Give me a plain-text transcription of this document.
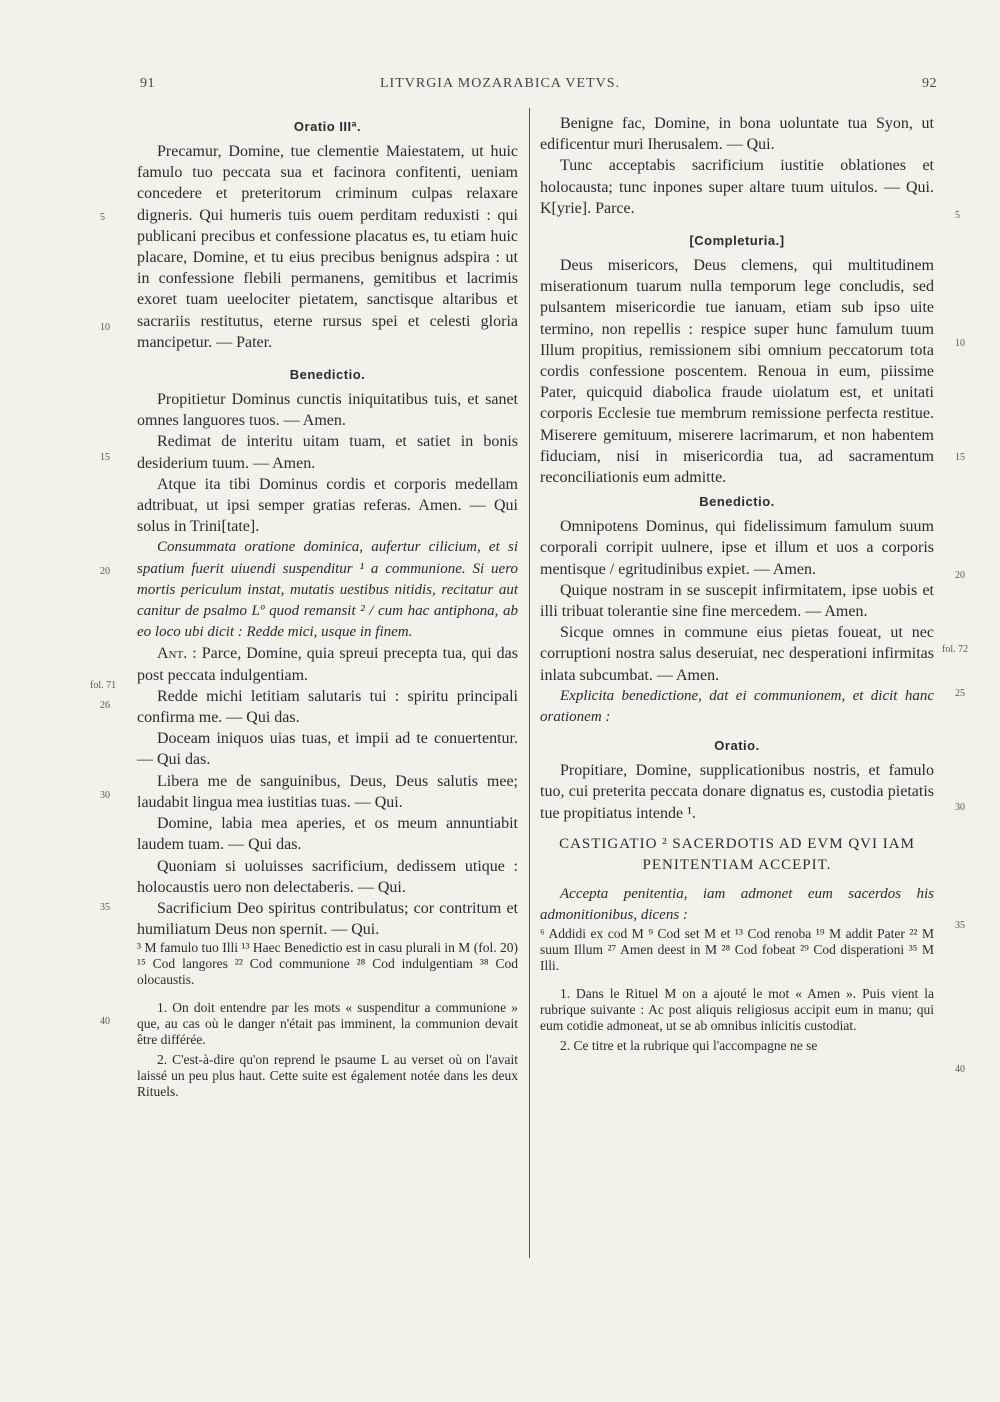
LITVRGIA MOZARABICA VETVS.
91	92
5
10
15
20
fol. 71
26
30
35
40
5
10
15
20
fol. 72
25
30
35
40
Oratio IIIª.

Precamur, Domine, tue clementie Maiestatem, ut huic famulo tuo peccata sua et facinora confitenti, ueniam concedere et preteritorum criminum culpas relaxare digneris. Qui humeris tuis ouem perditam reduxisti : qui publicani precibus et confessione placatus es, tu etiam huic placare, Domine, et tu eius precibus benignus adspira : ut in confessione flebili permanens, gemitibus et lacrimis exoret tuam ueelociter pietatem, sanctisque altaribus et sacrariis restitutus, eterne rursus spei et celesti gloria mancipetur. — Pater.

Benedictio.

Propitietur Dominus cunctis iniquitatibus tuis, et sanet omnes languores tuos. — Amen.

Redimat de interitu uitam tuam, et satiet in bonis desiderium tuum. — Amen.

Atque ita tibi Dominus cordis et corporis medellam adtribuat, ut ipsi semper gratias referas. Amen. — Qui solus in Trini[tate].

Consummata oratione dominica, aufertur cilicium, et si spatium fuerit uiuendi suspenditur ¹ a communione. Si uero mortis periculum instat, mutatis uestibus nitidis, recitatur aut canitur de psalmo Lº quod remansit ² / cum hac antiphona, ab eo loco ubi dicit : Redde mici, usque in finem.

Ant. : Parce, Domine, quia spreui precepta tua, qui das post peccata indulgentiam.

Redde michi letitiam salutaris tui : spiritu principali confirma me. — Qui das.

Doceam iniquos uias tuas, et impii ad te conuertentur. — Qui das.

Libera me de sanguinibus, Deus, Deus salutis mee; laudabit lingua mea iustitias tuas. — Qui.

Domine, labia mea aperies, et os meum annuntiabit laudem tuam. — Qui das.

Quoniam si uoluisses sacrificium, dedissem utique : holocaustis uero non delectaberis. — Qui.

Sacrificium Deo spiritus contribulatus; cor contritum et humiliatum Deus non spernit. — Qui.

³ M famulo tuo Illi ¹³ Haec Benedictio est in casu plurali in M (fol. 20) ¹⁵ Cod langores ²² Cod communione ²⁸ Cod indulgentiam ³⁸ Cod olocaustis.

1. On doit entendre par les mots « suspenditur a communione » que, au cas où le danger n'était pas imminent, la communion devait être différée.

2. C'est-à-dire qu'on reprend le psaume L au verset où on l'avait laissé un peu plus haut. Cette suite est également notée dans les deux Rituels.

Benigne fac, Domine, in bona uoluntate tua Syon, ut edificentur muri Iherusalem. — Qui.

Tunc acceptabis sacrificium iustitie oblationes et holocausta; tunc inpones super altare tuum uitulos. — Qui. K[yrie]. Parce.

[Completuria.]

Deus misericors, Deus clemens, qui multitudinem miserationum tuarum nulla temporum lege concludis, sed pulsantem misericordie tue ianuam, etiam sub ipso uite termino, non repellis : respice super hunc famulum tuum Illum propitius, remissionem sibi omnium peccatorum tota cordis confessione poscentem. Renoua in eum, piissime Pater, quicquid diabolica fraude uiolatum est, et unitati corporis Ecclesie tue membrum remissione perfecta restitue. Miserere gemituum, miserere lacrimarum, et non habentem fiduciam, nisi in misericordia tua, ad sacramentum reconciliationis eum admitte.

Benedictio.

Omnipotens Dominus, qui fidelissimum famulum suum corporali corripit uulnere, ipse et illum et uos a corporis mentisque / egritudinibus expiet. — Amen.

Quique nostram in se suscepit infirmitatem, ipse uobis et illi tribuat tolerantie sine fine mercedem. — Amen.

Sicque omnes in commune eius pietas foueat, ut nec corruptioni nostra salus deseruiat, nec desperationi infirmitas inlata subcumbat. — Amen.

Explicita benedictione, dat ei communionem, et dicit hanc orationem :

Oratio.

Propitiare, Domine, supplicationibus nostris, et famulo tuo, cui preterita peccata donare dignatus es, custodia pietatis tue propitiatus intende ¹.

CASTIGATIO ² SACERDOTIS AD EVM QVI IAM PENITENTIAM ACCEPIT.

Accepta penitentia, iam admonet eum sacerdos his admonitionibus, dicens :

⁶ Addidi ex cod M ⁹ Cod set M et ¹³ Cod renoba ¹⁹ M addit Pater ²² M suum Illum ²⁷ Amen deest in M ²⁸ Cod fobeat ²⁹ Cod disperationi ³⁵ M Illi.

1. Dans le Rituel M on a ajouté le mot « Amen ». Puis vient la rubrique suivante : Ac post aliquis religiosus accipit eum in manu; qui eum cotidie admoneat, ut se ab omnibus inlicitis custodiat.

2. Ce titre et la rubrique qui l'accompagne ne se
